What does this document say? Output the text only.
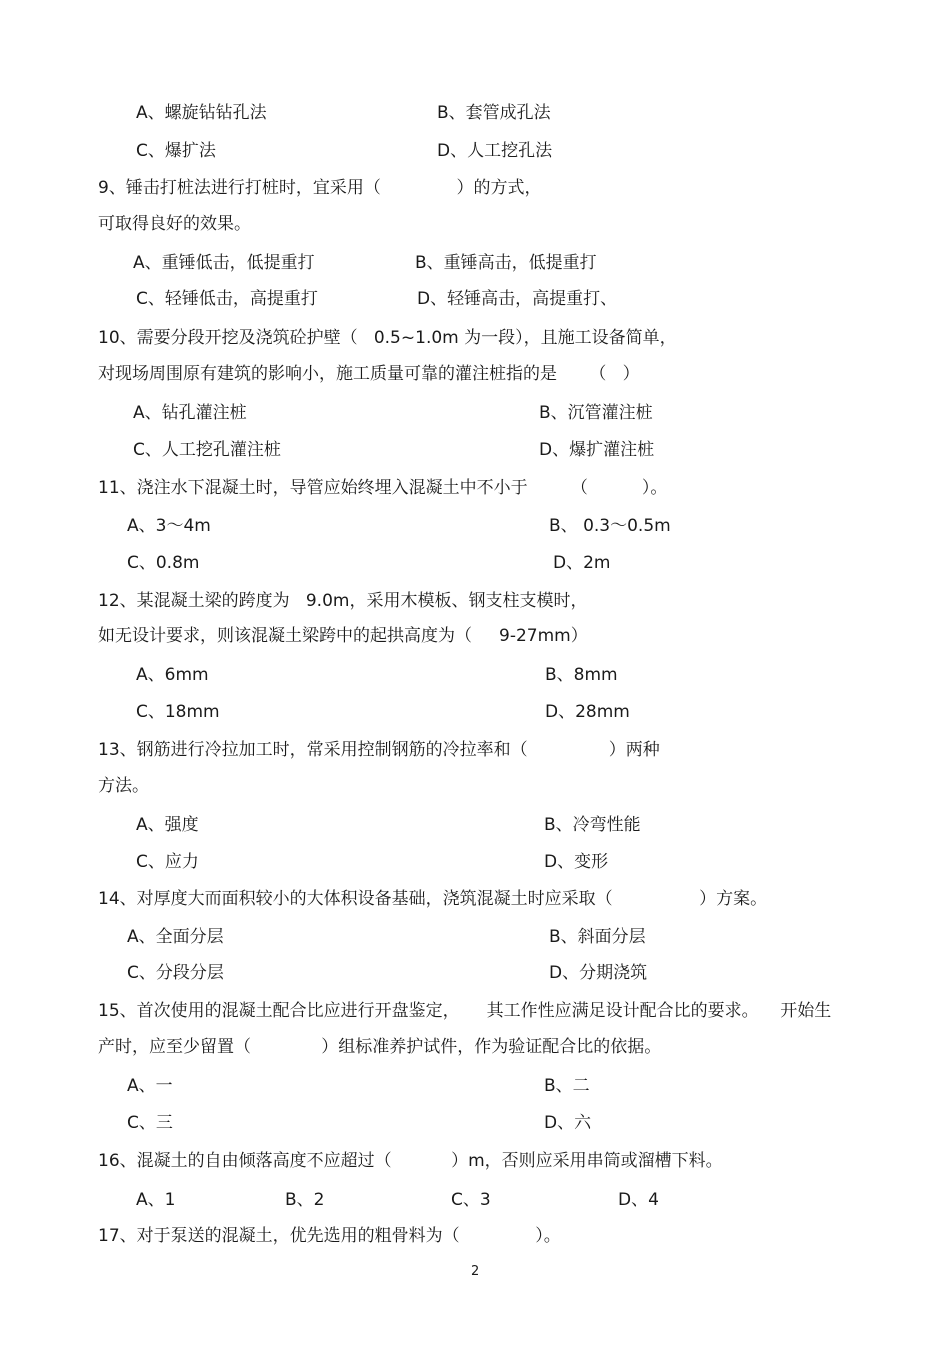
A、螺旋钻钻孔法	B、套管成孔法
C、爆扩法	D、人工挖孔法
9、锤击打桩法进行打桩时，宜采用（              ）的方式，
可取得良好的效果。
A、重锤低击，低提重打	B、重锤高击，低提重打
C、轻锤低击，高提重打	D、轻锤高击，高提重打、
10、需要分段开挖及浇筑砼护壁（   0.5~1.0m 为一段），且施工设备简单，
对现场周围原有建筑的影响小，施工质量可靠的灌注桩指的是      （   ）
A、钻孔灌注桩	B、沉管灌注桩
C、人工挖孔灌注桩	D、爆扩灌注桩
11、浇注水下混凝土时，导管应始终埋入混凝土中不小于        （          ）。
A、3～4m	B、 0.3～0.5m
C、0.8m	D、2m
12、某混凝土梁的跨度为   9.0m，采用木模板、钢支柱支模时，
如无设计要求，则该混凝土梁跨中的起拱高度为（     9-27mm）
A、6mm	B、8mm
C、18mm	D、28mm
13、钢筋进行冷拉加工时，常采用控制钢筋的冷拉率和（               ）两种
方法。
A、强度	B、冷弯性能
C、应力	D、变形
14、对厚度大而面积较小的大体积设备基础，浇筑混凝土时应采取（                ）方案。
A、全面分层	B、斜面分层
C、分段分层	D、分期浇筑
15、首次使用的混凝土配合比应进行开盘鉴定，     其工作性应满足设计配合比的要求。    开始生
产时，应至少留置（             ）组标准养护试件，作为验证配合比的依据。
A、一	B、二
C、三	D、六
16、混凝土的自由倾落高度不应超过（           ）m，否则应采用串筒或溜槽下料。
A、1	B、2	C、3	D、4
17、对于泵送的混凝土，优先选用的粗骨料为（              ）。
2
